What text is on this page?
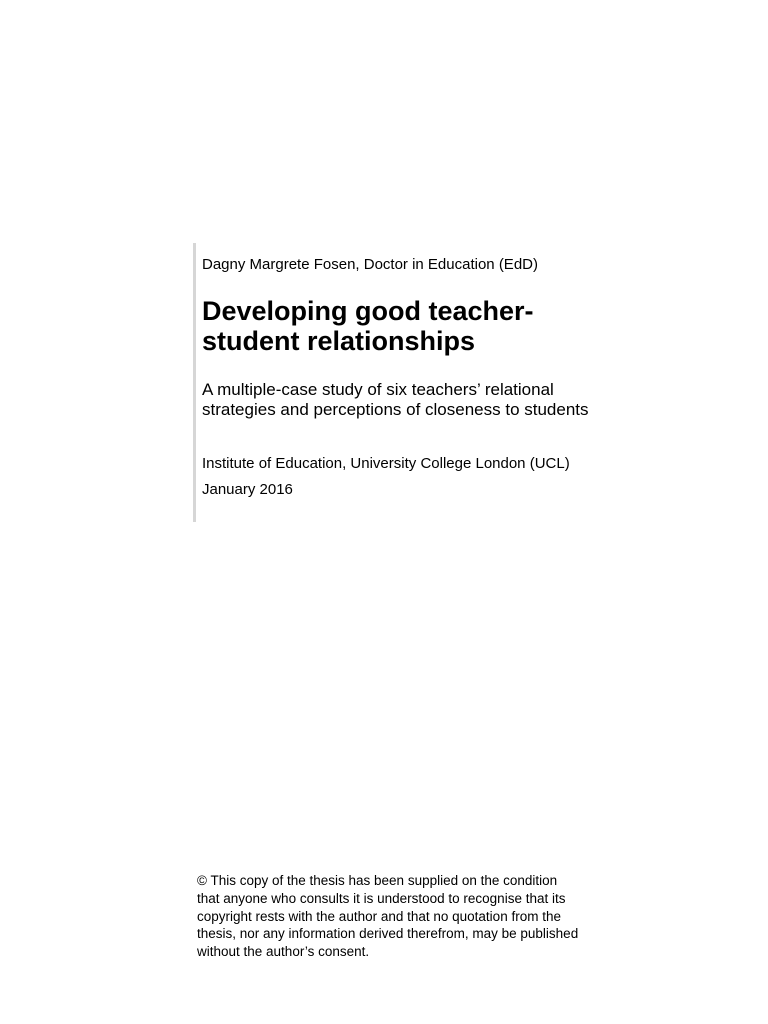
Dagny Margrete Fosen, Doctor in Education (EdD)
Developing good teacher-
student relationships
A multiple-case study of six teachers’ relational
strategies and perceptions of closeness to students
Institute of Education, University College London (UCL)
January 2016
© This copy of the thesis has been supplied on the condition
that anyone who consults it is understood to recognise that its
copyright rests with the author and that no quotation from the
thesis, nor any information derived therefrom, may be published
without the author’s consent.
